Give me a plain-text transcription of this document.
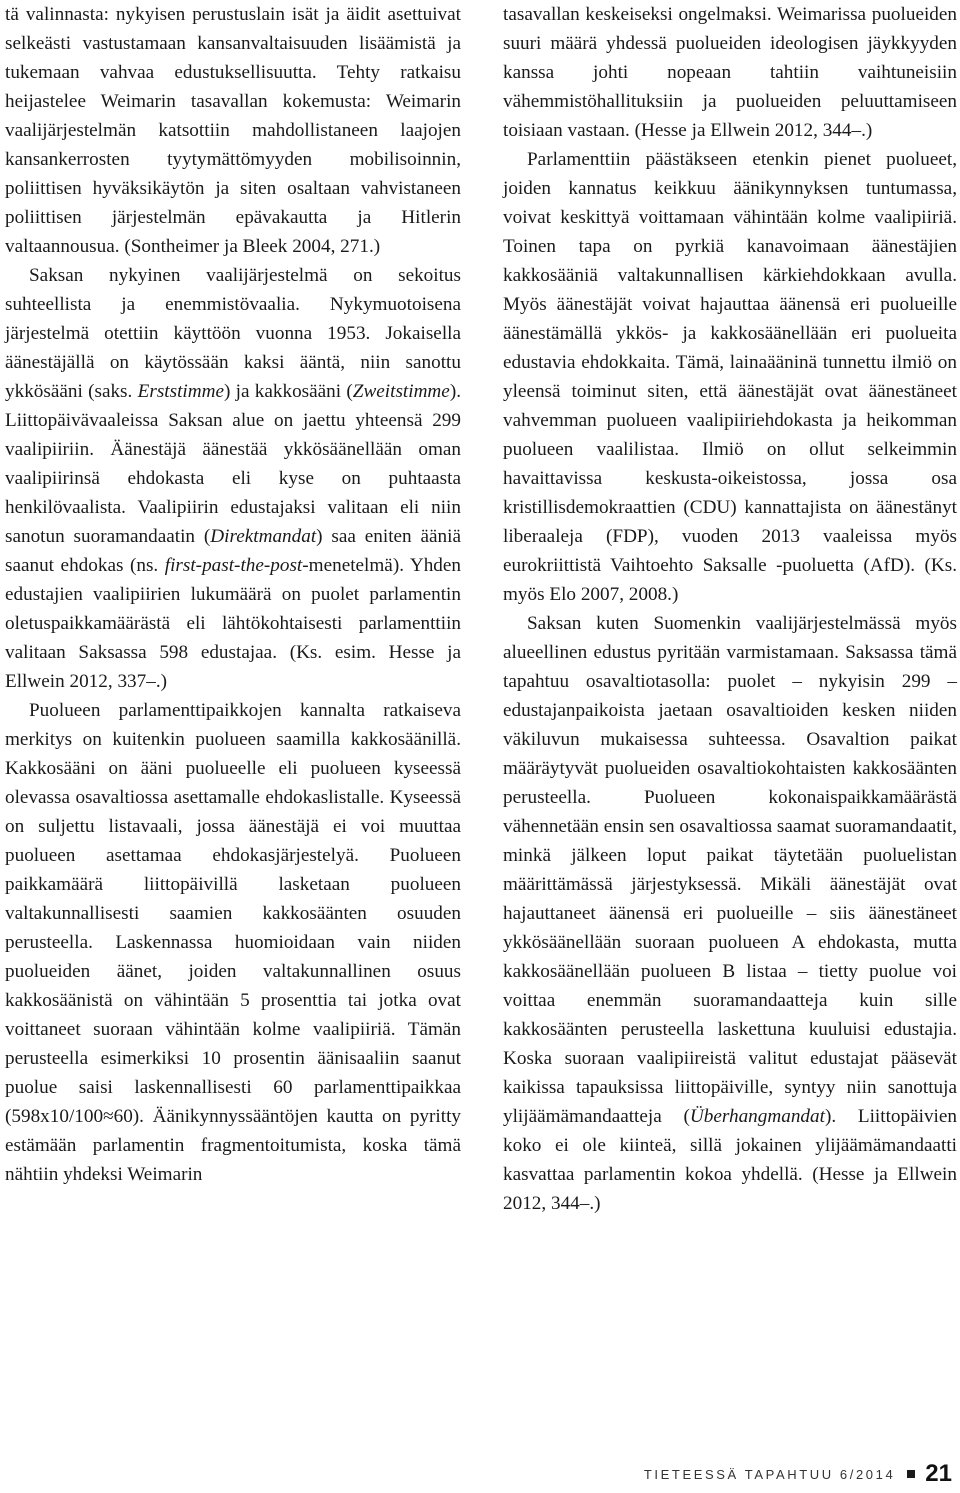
tä valinnasta: nykyisen perustuslain isät ja äidit asettuivat selkeästi vastustamaan kansanvaltaisuuden lisäämistä ja tukemaan vahvaa edustuksellisuutta. Tehty ratkaisu heijastelee Weimarin tasavallan kokemusta: Weimarin vaalijärjestelmän katsottiin mahdollistaneen laajojen kansankerrosten tyytymättömyyden mobilisoinnin, poliittisen hyväksikäytön ja siten osaltaan vahvistaneen poliittisen järjestelmän epävakautta ja Hitlerin valtaannousua. (Sontheimer ja Bleek 2004, 271.)

Saksan nykyinen vaalijärjestelmä on sekoitus suhteellista ja enemmistövaalia. Nykymuotoisena järjestelmä otettiin käyttöön vuonna 1953. Jokaisella äänestäjällä on käytössään kaksi ääntä, niin sanottu ykkösääni (saks. Erststimme) ja kakkosääni (Zweitstimme). Liittopäivävaaleissa Saksan alue on jaettu yhteensä 299 vaalipiiriin. Äänestäjä äänestää ykkösäänellään oman vaalipiirinsä ehdokasta eli kyse on puhtaasta henkilövaalista. Vaalipiirin edustajaksi valitaan eli niin sanotun suoramandaatin (Direktmandat) saa eniten ääniä saanut ehdokas (ns. first-past-the-post-menetelmä). Yhden edustajien vaalipiirien lukumäärä on puolet parlamentin oletuspaikkamäärästä eli lähtökohtaisesti parlamenttiin valitaan Saksassa 598 edustajaa. (Ks. esim. Hesse ja Ellwein 2012, 337–.)

Puolueen parlamenttipaikkojen kannalta ratkaiseva merkitys on kuitenkin puolueen saamilla kakkosäänillä. Kakkosääni on ääni puolueelle eli puolueen kyseessä olevassa osavaltiossa asettamalle ehdokaslistalle. Kyseessä on suljettu listavaali, jossa äänestäjä ei voi muuttaa puolueen asettamaa ehdokasjärjestelyä. Puolueen paikkamäärä liittopäivillä lasketaan puolueen valtakunnallisesti saamien kakkosäänten osuuden perusteella. Laskennassa huomioidaan vain niiden puolueiden äänet, joiden valtakunnallinen osuus kakkosäänistä on vähintään 5 prosenttia tai jotka ovat voittaneet suoraan vähintään kolme vaalipiiriä. Tämän perusteella esimerkiksi 10 prosentin äänisaaliin saanut puolue saisi laskennallisesti 60 parlamenttipaikkaa (598x10/100≈60). Äänikynnyssääntöjen kautta on pyritty estämään parlamentin fragmentoitumista, koska tämä nähtiin yhdeksi Weimarin

tasavallan keskeiseksi ongelmaksi. Weimarissa puolueiden suuri määrä yhdessä puolueiden ideologisen jäykkyyden kanssa johti nopeaan tahtiin vaihtuneisiin vähemmistöhallituksiin ja puolueiden peluuttamiseen toisiaan vastaan. (Hesse ja Ellwein 2012, 344–.)

Parlamenttiin päästäkseen etenkin pienet puolueet, joiden kannatus keikkuu äänikynnyksen tuntumassa, voivat keskittyä voittamaan vähintään kolme vaalipiiriä. Toinen tapa on pyrkiä kanavoimaan äänestäjien kakkosääniä valtakunnallisen kärkiehdokkaan avulla. Myös äänestäjät voivat hajauttaa äänensä eri puolueille äänestämällä ykkös- ja kakkosäänellään eri puolueita edustavia ehdokkaita. Tämä, lainaääninä tunnettu ilmiö on yleensä toiminut siten, että äänestäjät ovat äänestäneet vahvemman puolueen vaalipiiriehdokasta ja heikomman puolueen vaalilistaa. Ilmiö on ollut selkeimmin havaittavissa keskusta-oikeistossa, jossa osa kristillisdemokraattien (CDU) kannattajista on äänestänyt liberaaleja (FDP), vuoden 2013 vaaleissa myös eurokriittistä Vaihtoehto Saksalle -puoluetta (AfD). (Ks. myös Elo 2007, 2008.)

Saksan kuten Suomenkin vaalijärjestelmässä myös alueellinen edustus pyritään varmistamaan. Saksassa tämä tapahtuu osavaltiotasolla: puolet – nykyisin 299 – edustajanpaikoista jaetaan osavaltioiden kesken niiden väkiluvun mukaisessa suhteessa. Osavaltion paikat määräytyvät puolueiden osavaltiokohtaisten kakkosäänten perusteella. Puolueen kokonaispaikkamäärästä vähennetään ensin sen osavaltiossa saamat suoramandaatit, minkä jälkeen loput paikat täytetään puoluelistan määrittämässä järjestyksessä. Mikäli äänestäjät ovat hajauttaneet äänensä eri puolueille – siis äänestäneet ykkösäänellään suoraan puolueen A ehdokasta, mutta kakkosäänellään puolueen B listaa – tietty puolue voi voittaa enemmän suoramandaatteja kuin sille kakkosäänten perusteella laskettuna kuuluisi edustajia. Koska suoraan vaalipiireistä valitut edustajat pääsevät kaikissa tapauksissa liittopäiville, syntyy niin sanottuja ylijäämämandaatteja (Überhangmandat). Liittopäivien koko ei ole kiinteä, sillä jokainen ylijäämämandaatti kasvattaa parlamentin kokoa yhdellä. (Hesse ja Ellwein 2012, 344–.)

TIETEESSÄ TAPAHTUU 6/2014 21
